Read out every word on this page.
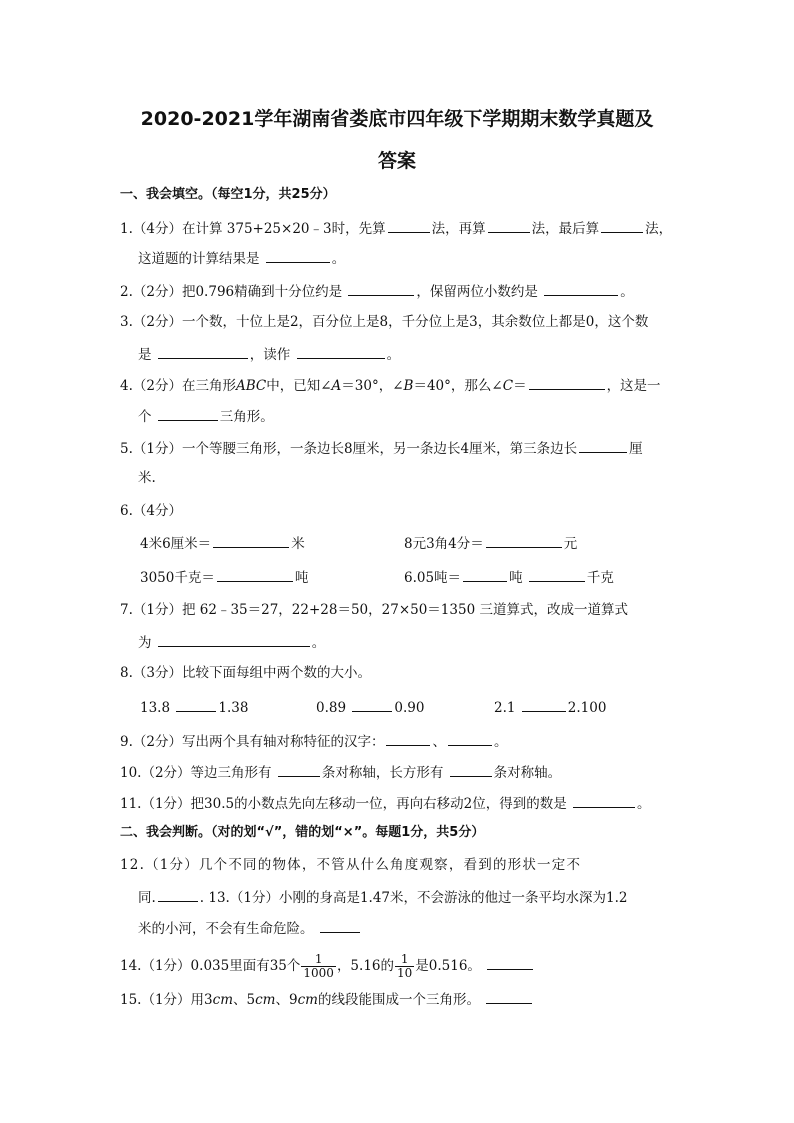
2020-2021学年湖南省娄底市四年级下学期期末数学真题及
答案
一、我会填空。（每空1分，共25分）
1.（4分）在计算 375+25×20﹣3时，先算	法，再算	法，最后算	法，
这道题的计算结果是	。
2.（2分）把0.796精确到十分位约是	，保留两位小数约是	。
3.（2分）一个数，十位上是2，百分位上是8，千分位上是3，其余数位上都是0，这个数
是	，读作	。
4.（2分）在三角形ABC中，已知∠A＝30°，∠B＝40°，那么∠C＝	，这是一
个	三角形。
5.（1分）一个等腰三角形，一条边长8厘米，另一条边长4厘米，第三条边长	厘
米.
6.（4分）
4米6厘米＝	米	8元3角4分＝	元
3050千克＝	吨	6.05吨＝	吨	千克
7.（1分）把 62﹣35＝27，22+28＝50，27×50＝1350 三道算式，改成一道算式
为	。
8.（3分）比较下面每组中两个数的大小。
13.8	1.38	0.89	0.90	2.1	2.100
9.（2分）写出两个具有轴对称特征的汉字：	、	。
10.（2分）等边三角形有	条对称轴，长方形有	条对称轴。
11.（1分）把30.5的小数点先向左移动一位，再向右移动2位，得到的数是	。
二、我会判断。（对的划“√”，错的划“×”。每题1分，共5分）
12.（1分）几个不同的物体，不管从什么角度观察，看到的形状一定不
同.	. 13.（1分）小刚的身高是1.47米，不会游泳的他过一条平均水深为1.2
米的小河，不会有生命危险。
14.（1分）0.035里面有35个 $\frac{1}{1000}$ ，5.16的 $\frac{1}{10}$ 是0.516。
15.（1分）用3cm、5cm、9cm的线段能围成一个三角形。
